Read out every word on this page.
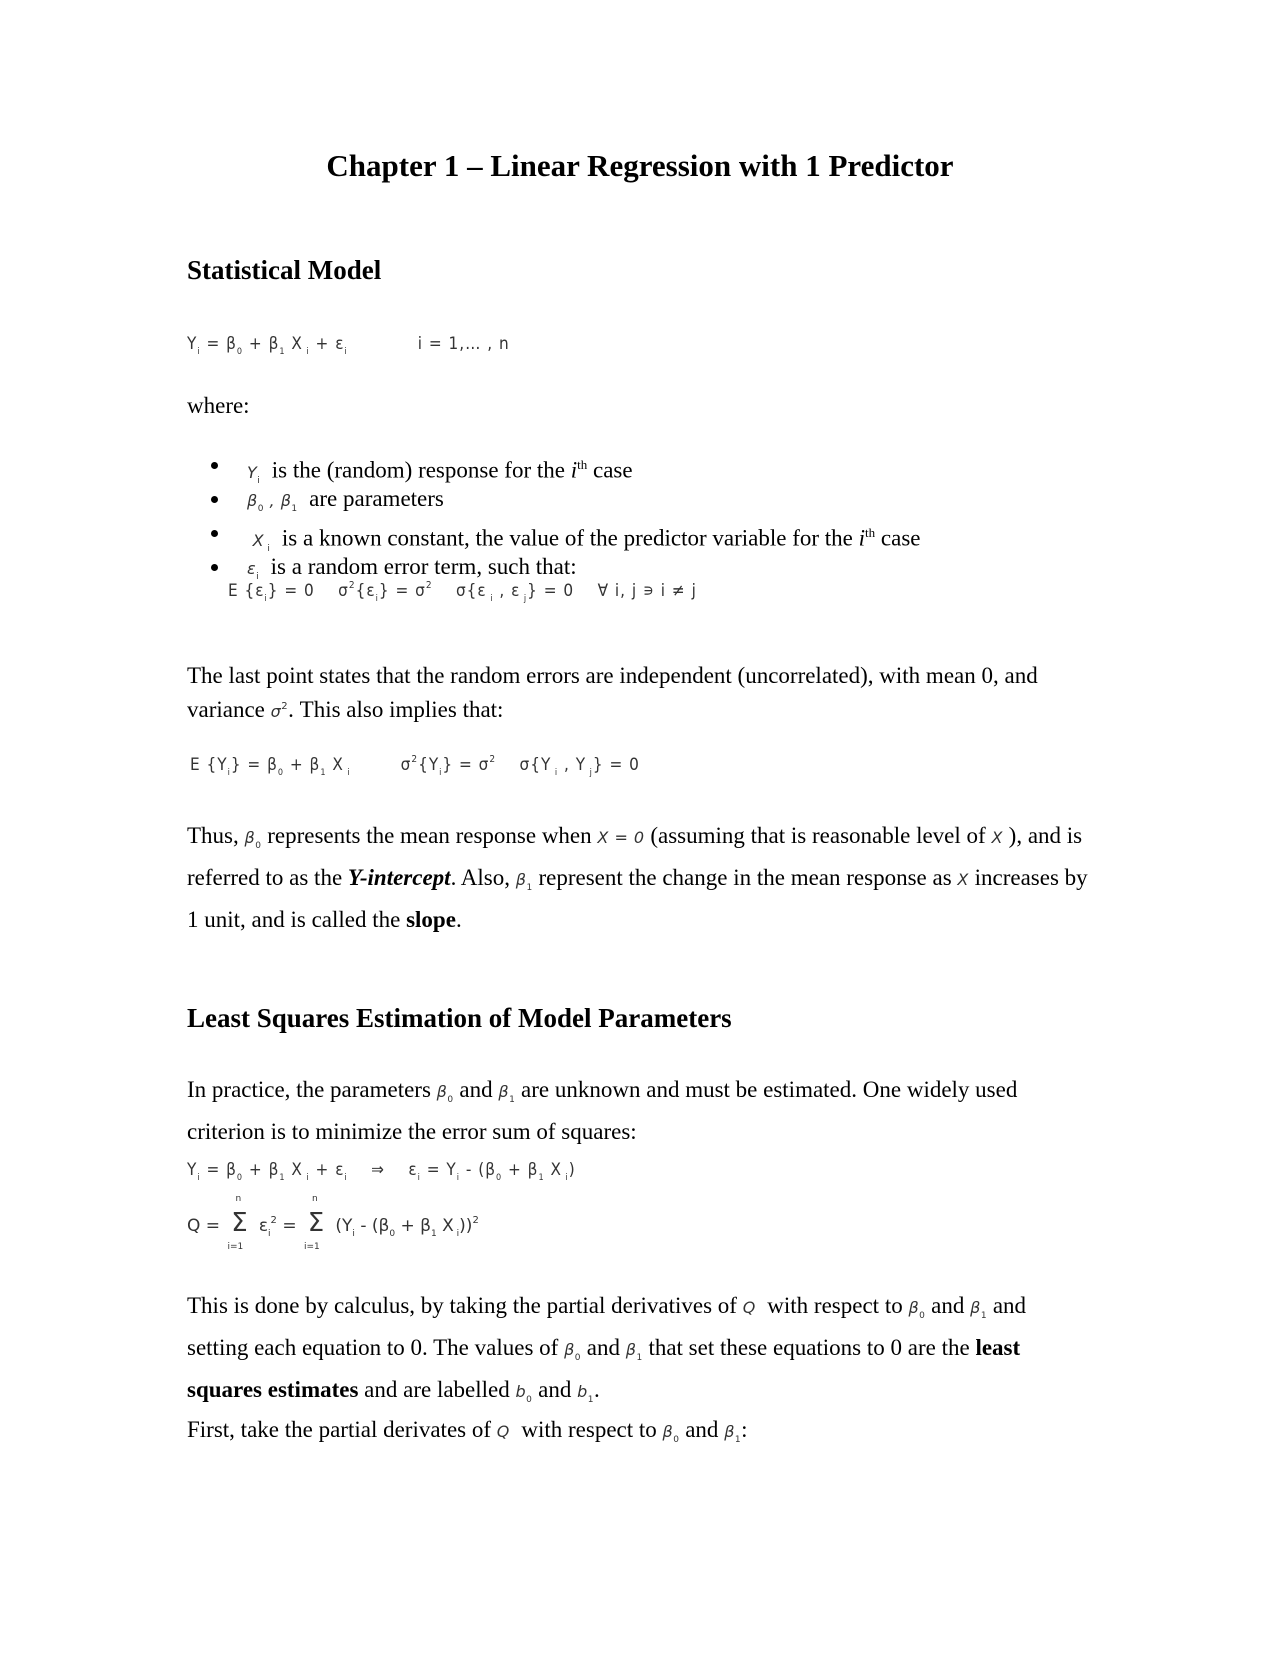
Chapter 1 – Linear Regression with 1 Predictor
Statistical Model
$Y_i = \beta_0 + \beta_1$ X $_i + \varepsilon_i$	i = 1,… , n

where:

$Y_i$ is the (random) response for the $i^{th}$ case
$\beta_0$ , $\beta_1$ are parameters
X $_i$ is a known constant, the value of the predictor variable for the $i^{th}$ case
$\varepsilon_i$ is a random error term, such that:
E $\{\varepsilon_i\} = 0$    $\sigma^2\{\varepsilon_i\} = \sigma^2$    σ{ε $_i$ , ε $_j$} = 0    ∀ i, j ∍ i ≠ j

The last point states that the random errors are independent (uncorrelated), with mean 0, and variance $\sigma^2$. This also implies that:

E $\{Y_i\} = \beta_0 + \beta_1$ X $_i$	$\sigma^2\{Y_i\} = \sigma^2$    σ{Y $_i$ , Y $_j$} = 0

Thus, $\beta_0$ represents the mean response when X = 0 (assuming that is reasonable level of X ), and is referred to as the Y-intercept. Also, $\beta_1$ represent the change in the mean response as X increases by 1 unit, and is called the slope.

Least Squares Estimation of Model Parameters

In practice, the parameters $\beta_0$ and $\beta_1$ are unknown and must be estimated. One widely used criterion is to minimize the error sum of squares:

$Y_i = \beta_0 + \beta_1$ X $_i + \varepsilon_i$    ⇒    $\varepsilon_i = Y_i - (\beta_0 + \beta_1$ X $_i$)
Q = Σ
n
i=1
$\varepsilon_i^2 = \Sigma$
n
i=1
($Y_i - (\beta_0 + \beta_1$ X $_i$))$^2$

This is done by calculus, by taking the partial derivatives of Q with respect to $\beta_0$ and $\beta_1$ and setting each equation to 0. The values of $\beta_0$ and $\beta_1$ that set these equations to 0 are the least squares estimates and are labelled $b_0$ and $b_1$.

First, take the partial derivates of Q with respect to $\beta_0$ and $\beta_1$:
